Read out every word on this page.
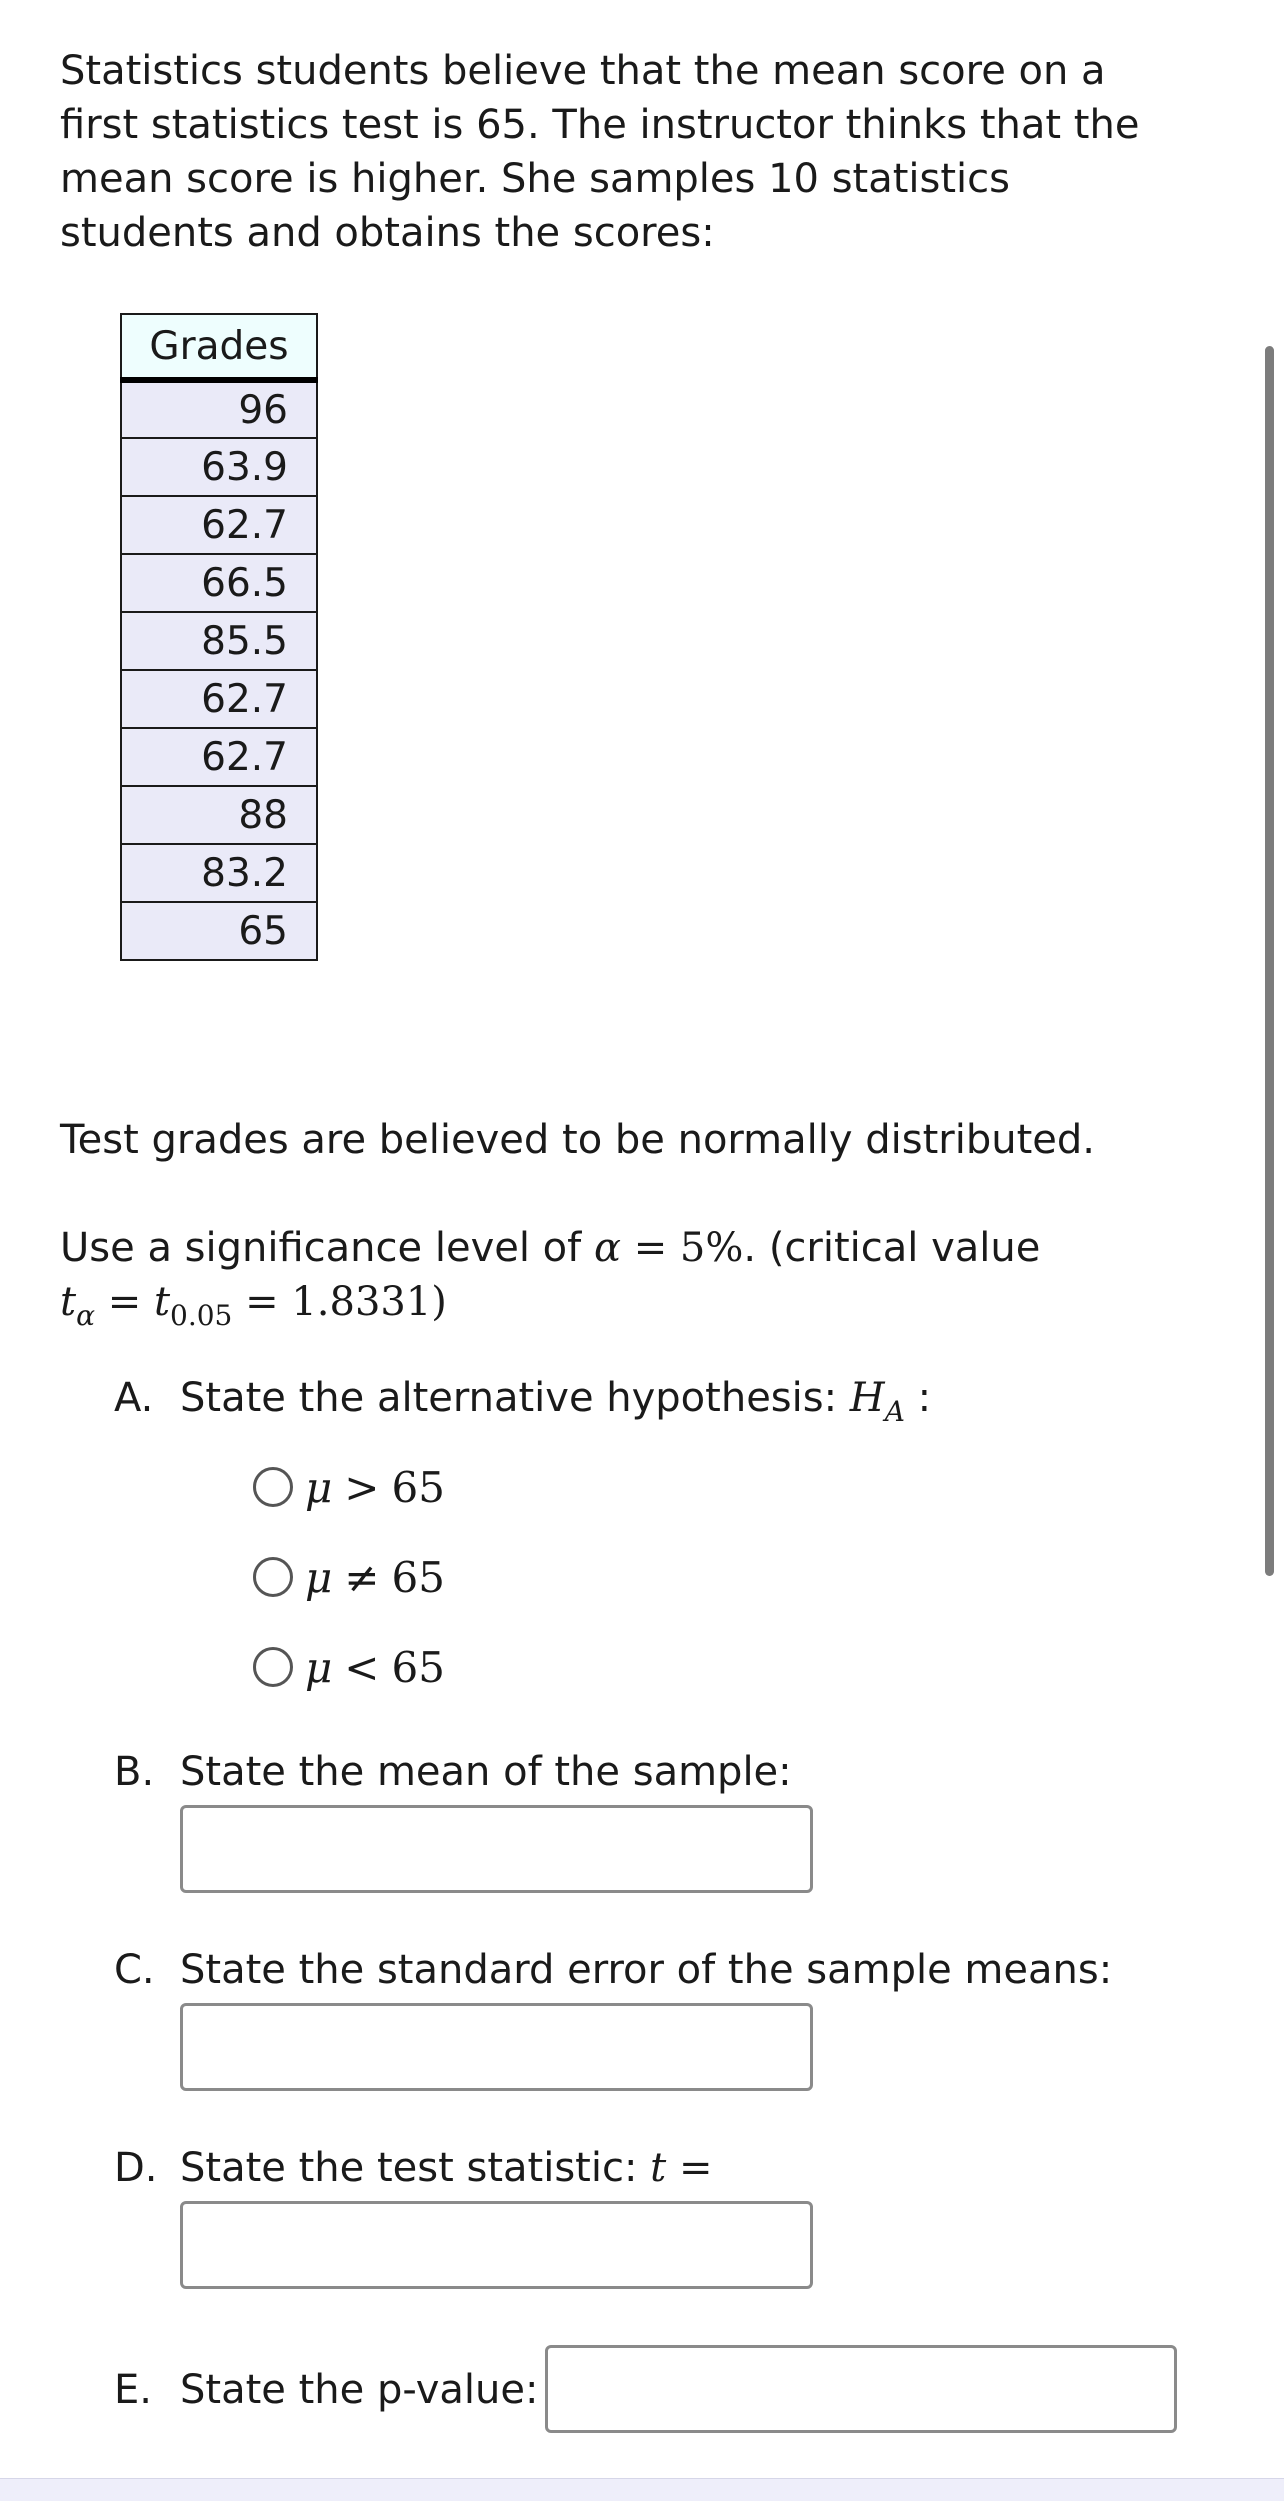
Statistics students believe that the mean score on a first statistics test is 65. The instructor thinks that the mean score is higher. She samples 10 statistics students and obtains the scores:

Grades
96
63.9
62.7
66.5
85.5
62.7
62.7
88
83.2
65
Test grades are believed to be normally distributed.
Use a significance level of α = 5%. (critical value
$t_\alpha = t_{0.05} = 1.8331$)
A. State the alternative hypothesis: $H_A$ :
μ > 65
μ ≠ 65
μ < 65
B. State the mean of the sample:
C. State the standard error of the sample means:
D. State the test statistic: t =
E. State the p-value:
